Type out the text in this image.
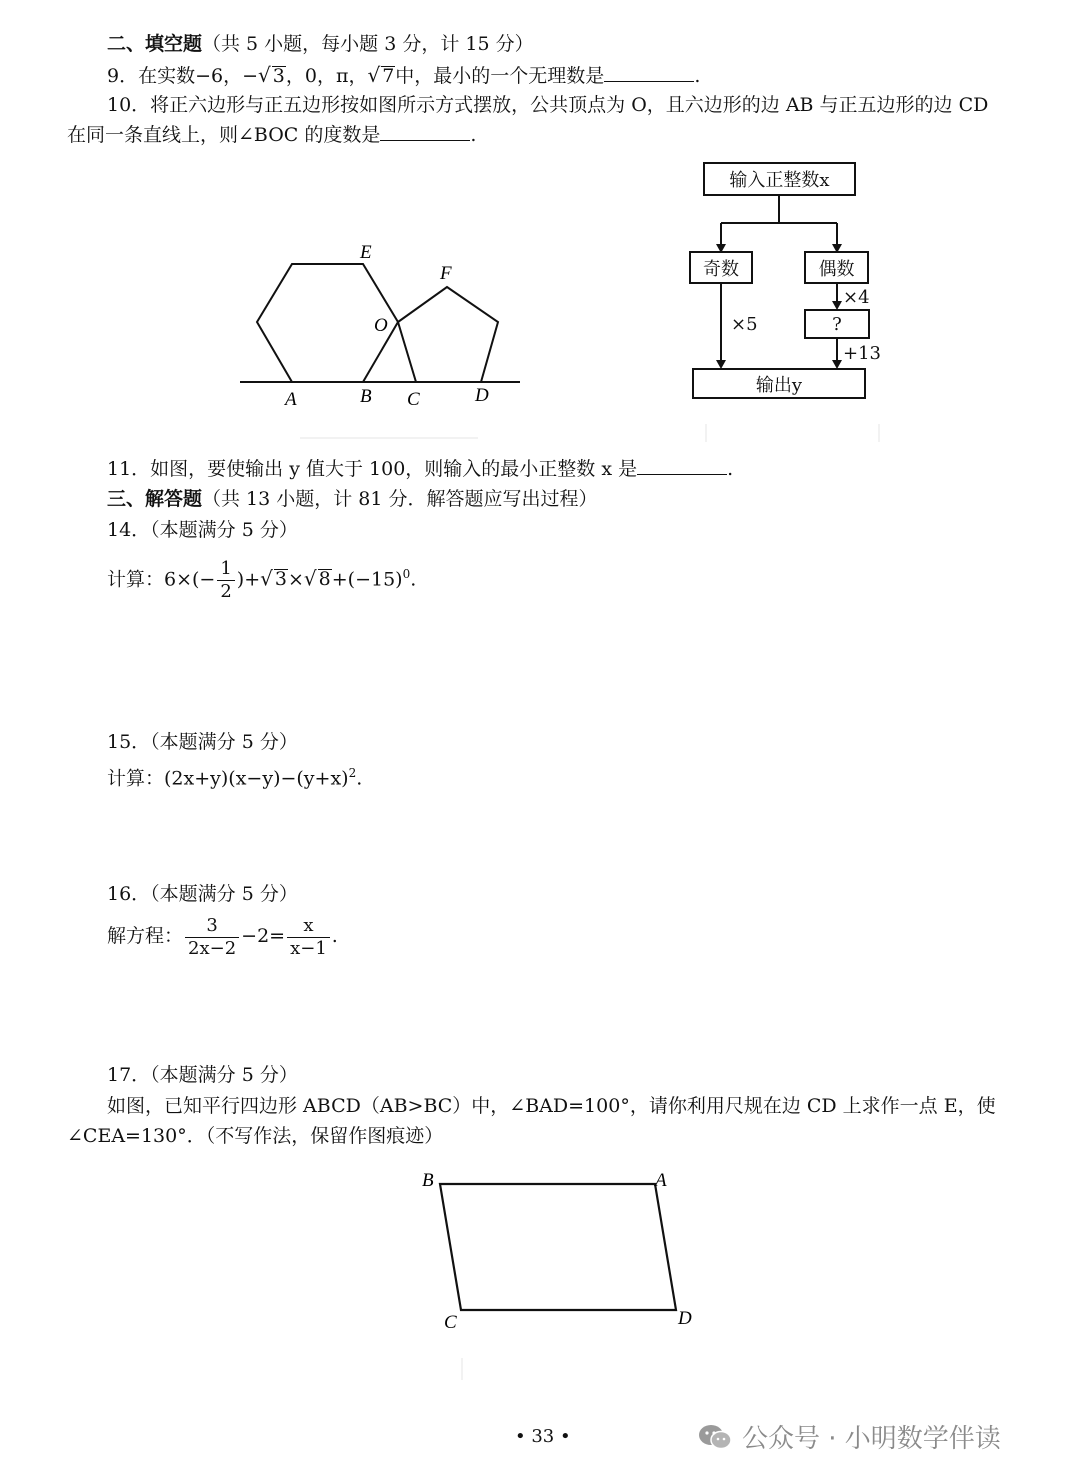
二、填空题（共 5 小题，每小题 3 分，计 15 分）
9．在实数−6，−√ 3，0，π，√ 7中，最小的一个无理数是	.
10．将正六边形与正五边形按如图所示方式摆放，公共顶点为 O，且六边形的边 AB 与正五边形的边 CD
在同一条直线上，则∠BOC 的度数是	.
E
F
O
A	B C	D
输入正整数x
奇数	偶数
?
输出y
×5
×4
+13
11．如图，要使输出 y 值大于 100，则输入的最小正整数 x 是	.
三、解答题（共 13 小题，计 81 分．解答题应写出过程）
14．（本题满分 5 分）
计算：$6\times(- \frac{1}{2}$ )+√ 3×√ $8+(-15)^0$.
15．（本题满分 5 分）
计算：$(2x+y)(x-y)-(y+x)^2$.
16．（本题满分 5 分）
解方程： $\frac{3}{2x-2} -2= \frac{x}{x-1}$ .
17．（本题满分 5 分）
如图，已知平行四边形 ABCD（AB>BC）中，∠BAD=100°，请你利用尺规在边 CD 上求作一点 E，使
∠CEA=130°．（不写作法，保留作图痕迹）
B	A
C	D
• 33 •	公众号 · 小明数学伴读
